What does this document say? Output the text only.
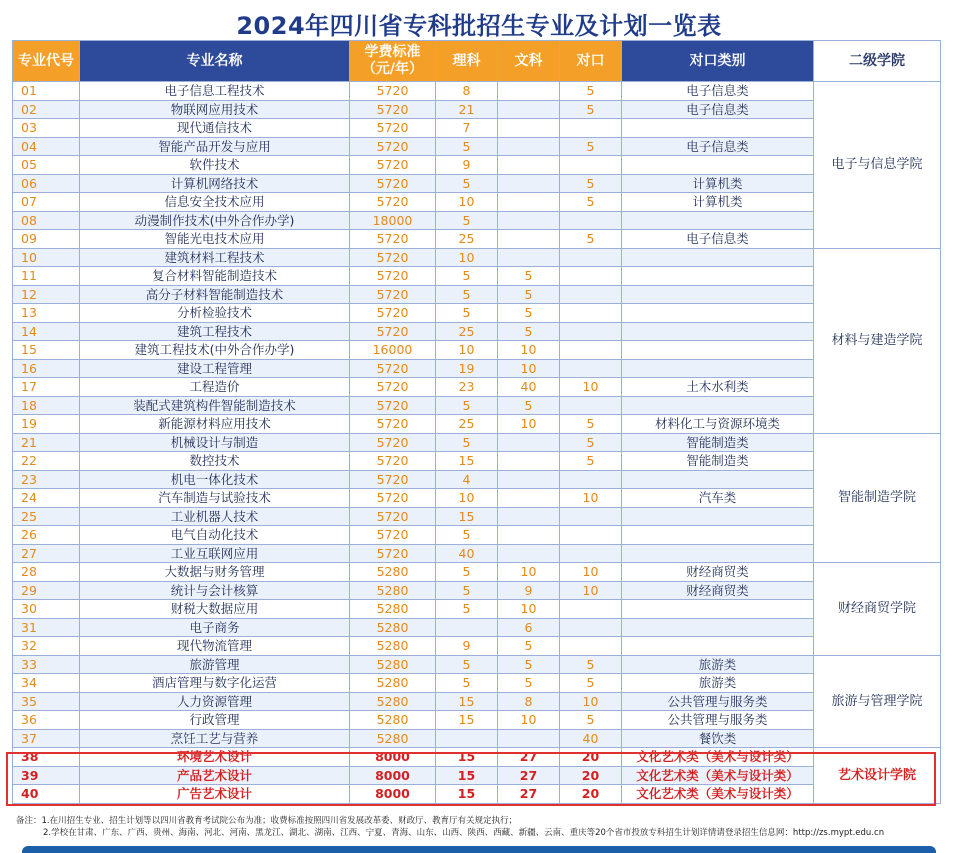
2024年四川省专科批招生专业及计划一览表
专业代号	专业名称	学费标准（元/年）	理科	文科	对口	对口类别	二级学院
01	电子信息工程技术	5720	8		5	电子信息类	电子与信息学院
02	物联网应用技术	5720	21		5	电子信息类	
03	现代通信技术	5720	7				
04	智能产品开发与应用	5720	5		5	电子信息类	
05	软件技术	5720	9				
06	计算机网络技术	5720	5		5	计算机类	
07	信息安全技术应用	5720	10		5	计算机类	
08	动漫制作技术(中外合作办学)	18000	5				
09	智能光电技术应用	5720	25		5	电子信息类	
10	建筑材料工程技术	5720	10				材料与建造学院
11	复合材料智能制造技术	5720	5	5			
12	高分子材料智能制造技术	5720	5	5			
13	分析检验技术	5720	5	5			
14	建筑工程技术	5720	25	5			
15	建筑工程技术(中外合作办学)	16000	10	10			
16	建设工程管理	5720	19	10			
17	工程造价	5720	23	40	10	土木水利类	
18	装配式建筑构件智能制造技术	5720	5	5			
19	新能源材料应用技术	5720	25	10	5	材料化工与资源环境类	
21	机械设计与制造	5720	5		5	智能制造类	智能制造学院
22	数控技术	5720	15		5	智能制造类	
23	机电一体化技术	5720	4				
24	汽车制造与试验技术	5720	10		10	汽车类	
25	工业机器人技术	5720	15				
26	电气自动化技术	5720	5				
27	工业互联网应用	5720	40				
28	大数据与财务管理	5280	5	10	10	财经商贸类	财经商贸学院
29	统计与会计核算	5280	5	9	10	财经商贸类	
30	财税大数据应用	5280	5	10			
31	电子商务	5280		6			
32	现代物流管理	5280	9	5			
33	旅游管理	5280	5	5	5	旅游类	旅游与管理学院
34	酒店管理与数字化运营	5280	5	5	5	旅游类	
35	人力资源管理	5280	15	8	10	公共管理与服务类	
36	行政管理	5280	15	10	5	公共管理与服务类	
37	烹饪工艺与营养	5280			40	餐饮类	
38	环境艺术设计	8000	15	27	20	文化艺术类（美术与设计类）	艺术设计学院
39	产品艺术设计	8000	15	27	20	文化艺术类（美术与设计类）	
40	广告艺术设计	8000	15	27	20	文化艺术类（美术与设计类）	
备注：1.在川招生专业、招生计划等以四川省教育考试院公布为准；收费标准按照四川省发展改革委、财政厅、教育厅有关规定执行；
2.学校在甘肃、广东、广西、贵州、海南、河北、河南、黑龙江、湖北、湖南、江西、宁夏、青海、山东、山西、陕西、西藏、新疆、云南、重庆等20个省市投放专科招生计划详情请登录招生信息网：http://zs.mypt.edu.cn
